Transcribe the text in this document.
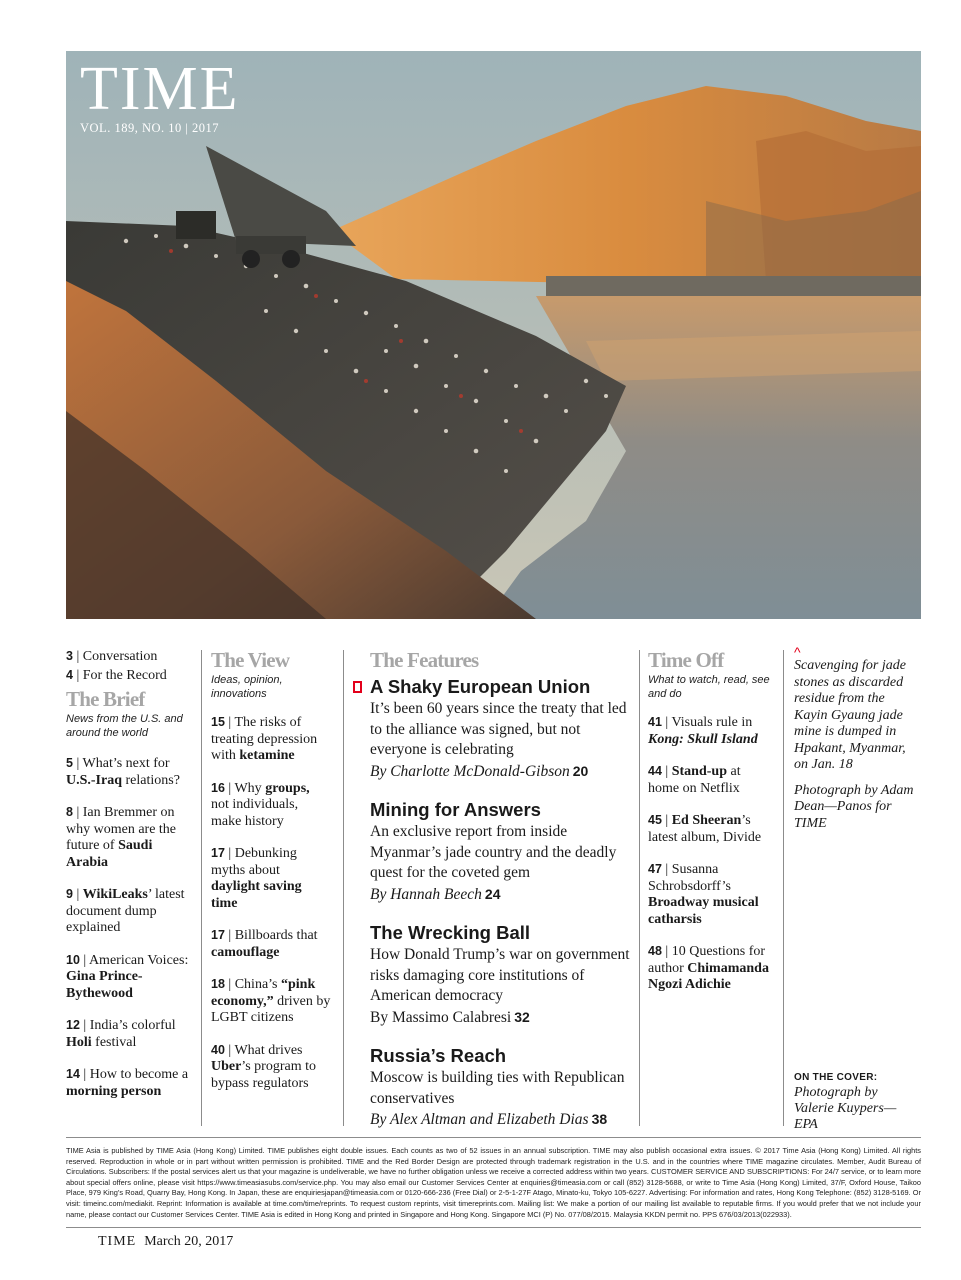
TIME
VOL. 189, NO. 10 | 2017
3 | Conversation
4 | For the Record
The Brief
News from the U.S. and around the world
5 | What’s next for U.S.-Iraq relations?
8 | Ian Bremmer on why women are the future of Saudi Arabia
9 | WikiLeaks’ latest document dump explained
10 | American Voices: Gina Prince-Bythewood
12 | India’s colorful Holi festival
14 | How to become a morning person
The View
Ideas, opinion, innovations
15 | The risks of treating depression with ketamine
16 | Why groups, not individuals, make history
17 | Debunking myths about daylight saving time
17 | Billboards that camouflage
18 | China’s “pink economy,” driven by LGBT citizens
40 | What drives Uber’s program to bypass regulators
The Features
A Shaky European Union
It’s been 60 years since the treaty that led to the alliance was signed, but not everyone is celebrating
By Charlotte McDonald-Gibson 20
Mining for Answers
An exclusive report from inside Myanmar’s jade country and the deadly quest for the coveted gem
By Hannah Beech 24
The Wrecking Ball
How Donald Trump’s war on government risks damaging core institutions of American democracy
By Massimo Calabresi 32
Russia’s Reach
Moscow is building ties with Republican conservatives
By Alex Altman and Elizabeth Dias 38
Time Off
What to watch, read, see and do
41 | Visuals rule in Kong: Skull Island
44 | Stand-up at home on Netflix
45 | Ed Sheeran’s latest album, Divide
47 | Susanna Schrobsdorff’s Broadway musical catharsis
48 | 10 Questions for author Chimamanda Ngozi Adichie
^
Scavenging for jade stones as discarded residue from the Kayin Gyaung jade mine is dumped in Hpakant, Myanmar, on Jan. 18
Photograph by Adam Dean—Panos for TIME
ON THE COVER:
Photograph by Valerie Kuypers—EPA
TIME Asia is published by TIME Asia (Hong Kong) Limited. TIME publishes eight double issues. Each counts as two of 52 issues in an annual subscription. TIME may also publish occasional extra issues. © 2017 Time Asia (Hong Kong) Limited. All rights reserved. Reproduction in whole or in part without written permission is prohibited. TIME and the Red Border Design are protected through trademark registration in the U.S. and in the countries where TIME magazine circulates. Member, Audit Bureau of Circulations. Subscribers: If the postal services alert us that your magazine is undeliverable, we have no further obligation unless we receive a corrected address within two years. CUSTOMER SERVICE AND SUBSCRIPTIONS: For 24/7 service, or to learn more about special offers online, please visit https://www.timeasiasubs.com/service.php. You may also email our Customer Services Center at enquiries@timeasia.com or call (852) 3128-5688, or write to Time Asia (Hong Kong) Limited, 37/F, Oxford House, Taikoo Place, 979 King’s Road, Quarry Bay, Hong Kong. In Japan, these are enquiriesjapan@timeasia.com or 0120-666-236 (Free Dial) or 2-5-1-27F Atago, Minato-ku, Tokyo 105-6227. Advertising: For information and rates, Hong Kong Telephone: (852) 3128-5169. Or visit: timeinc.com/mediakit. Reprint: Information is available at time.com/time/reprints. To request custom reprints, visit timereprints.com. Mailing list: We make a portion of our mailing list available to reputable firms. If you would prefer that we not include your name, please contact our Customer Services Center. TIME Asia is edited in Hong Kong and printed in Singapore and Hong Kong. Singapore MCI (P) No. 077/08/2015. Malaysia KKDN permit no. PPS 676/03/2013(022933).
TIME March 20, 2017
